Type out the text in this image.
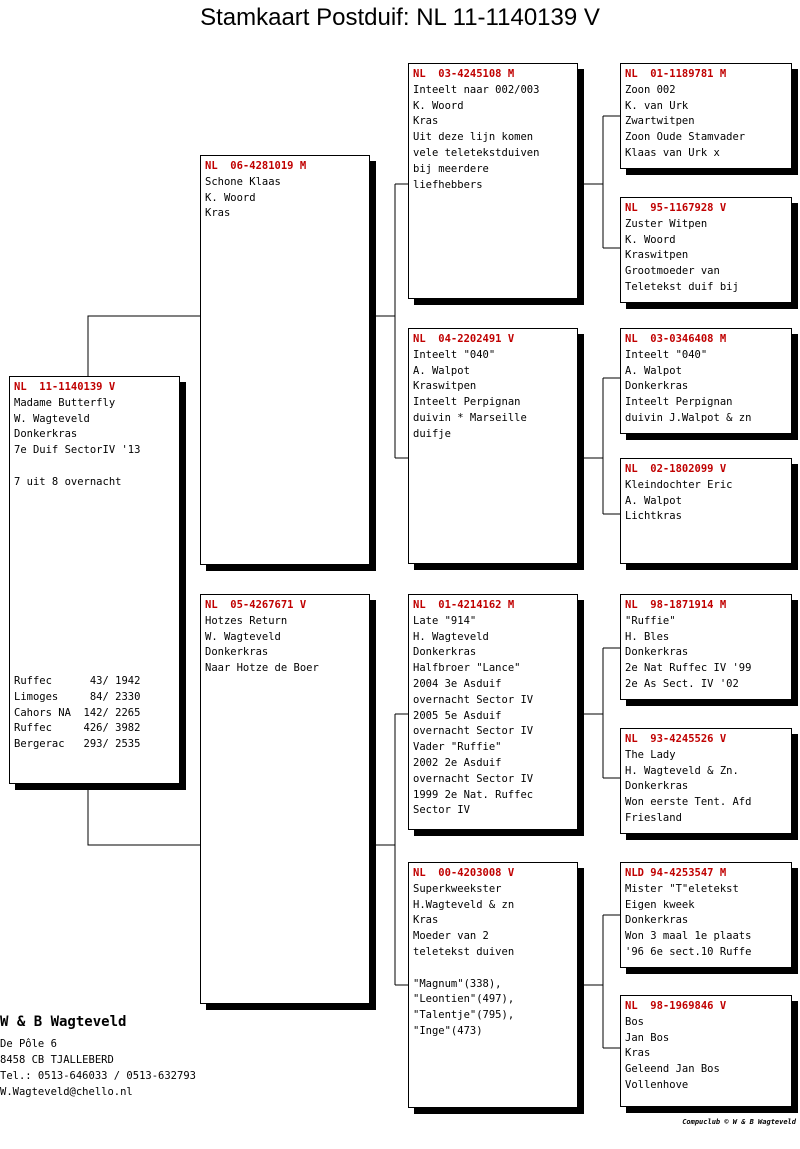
Stamkaart Postduif: NL 11-1140139 V
NL  11-1140139 V
Madame Butterfly
W. Wagteveld
Donkerkras
7e Duif SectorIV '13
7 uit 8 overnacht
Ruffec      43/ 1942
Limoges     84/ 2330
Cahors NA  142/ 2265
Ruffec     426/ 3982
Bergerac   293/ 2535
NL  06-4281019 M
Schone Klaas
K. Woord
Kras
NL  05-4267671 V
Hotzes Return
W. Wagteveld
Donkerkras
Naar Hotze de Boer
NL  03-4245108 M
Inteelt naar 002/003
K. Woord
Kras
Uit deze lijn komen
vele teletekstduiven
bij meerdere
liefhebbers
NL  04-2202491 V
Inteelt "040"
A. Walpot
Kraswitpen
Inteelt Perpignan
duivin * Marseille
duifje
NL  01-4214162 M
Late "914"
H. Wagteveld
Donkerkras
Halfbroer "Lance"
2004 3e Asduif
overnacht Sector IV
2005 5e Asduif
overnacht Sector IV
Vader "Ruffie"
2002 2e Asduif
overnacht Sector IV
1999 2e Nat. Ruffec
Sector IV
NL  00-4203008 V
Superkweekster
H.Wagteveld & zn
Kras
Moeder van 2
teletekst duiven
"Magnum"(338),
"Leontien"(497),
"Talentje"(795),
"Inge"(473)
NL  01-1189781 M
Zoon 002
K. van Urk
Zwartwitpen
Zoon Oude Stamvader
Klaas van Urk x
NL  95-1167928 V
Zuster Witpen
K. Woord
Kraswitpen
Grootmoeder van
Teletekst duif bij
NL  03-0346408 M
Inteelt "040"
A. Walpot
Donkerkras
Inteelt Perpignan
duivin J.Walpot & zn
NL  02-1802099 V
Kleindochter Eric
A. Walpot
Lichtkras
NL  98-1871914 M
"Ruffie"
H. Bles
Donkerkras
2e Nat Ruffec IV '99
2e As Sect. IV '02
NL  93-4245526 V
The Lady
H. Wagteveld & Zn.
Donkerkras
Won eerste Tent. Afd
Friesland
NLD 94-4253547 M
Mister "T"eletekst
Eigen kweek
Donkerkras
Won 3 maal 1e plaats
'96 6e sect.10 Ruffe
NL  98-1969846 V
Bos
Jan Bos
Kras
Geleend Jan Bos
Vollenhove
W & B Wagteveld
De Pôle 6
8458 CB TJALLEBERD
Tel.: 0513-646033 / 0513-632793
W.Wagteveld@chello.nl
Compuclub © W & B Wagteveld
